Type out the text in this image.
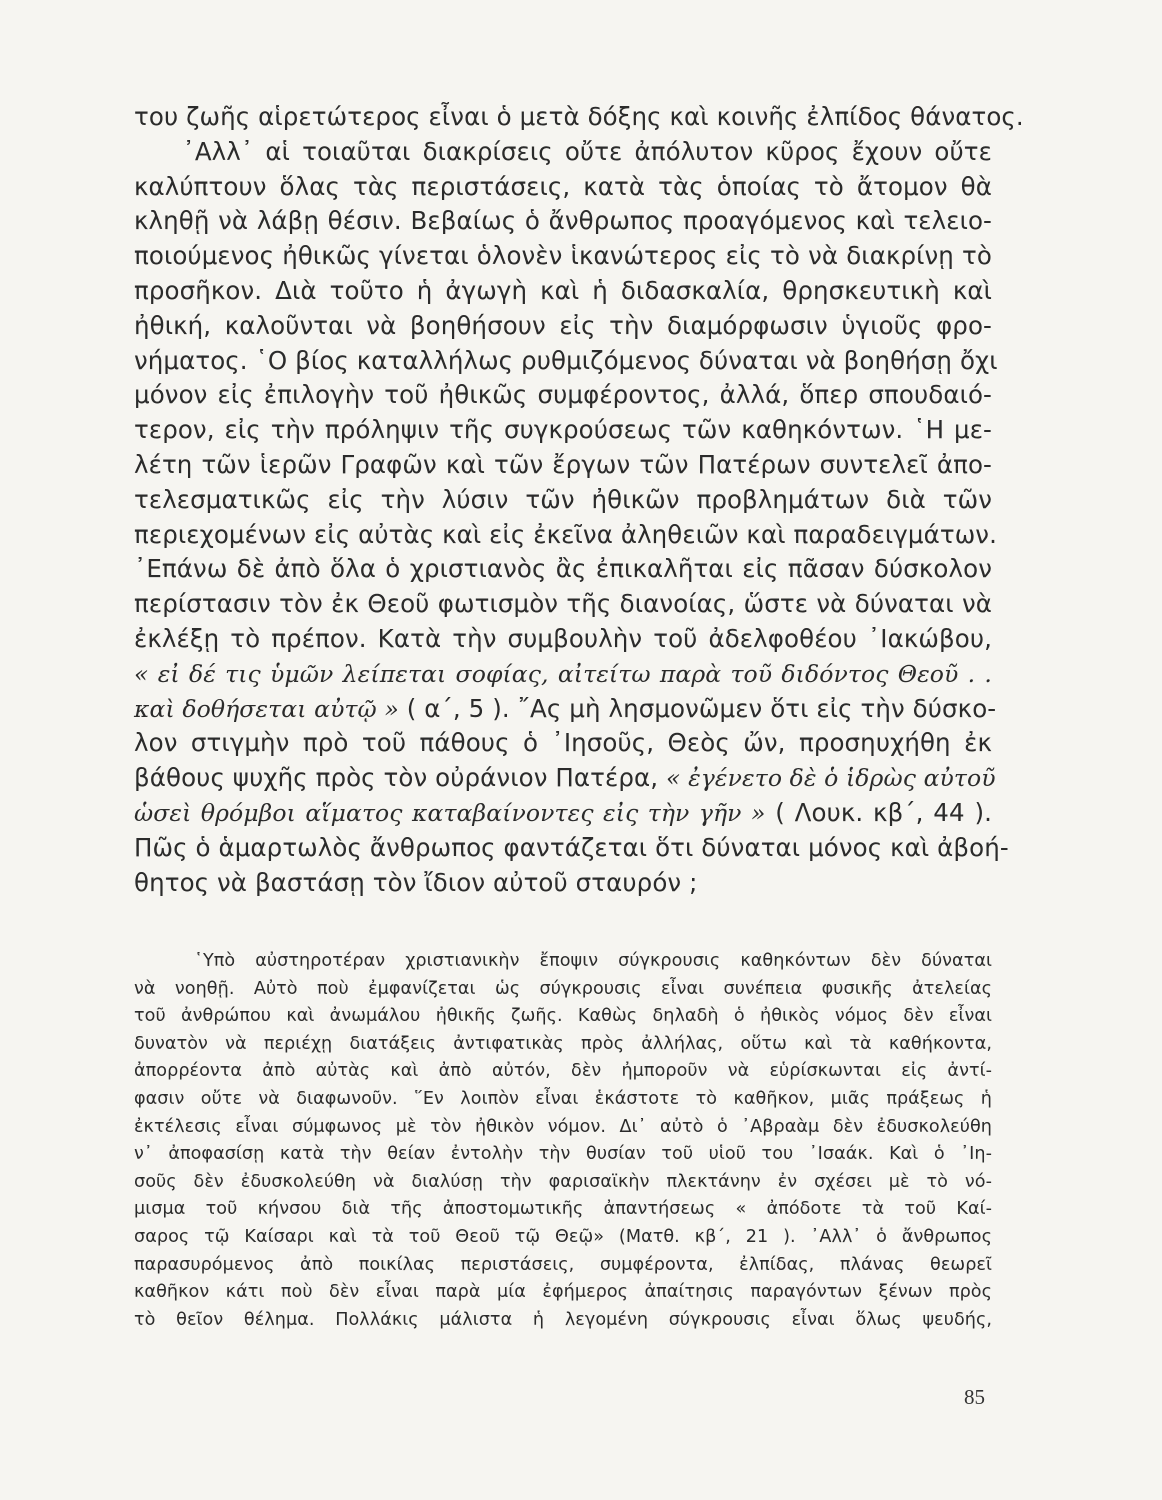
του ζωῆς αἱρετώτερος εἶναι ὁ μετὰ δόξης καὶ κοινῆς ἐλπίδος θάνατος.
᾽Αλλ᾽ αἱ τοιαῦται διακρίσεις οὔτε ἀπόλυτον κῦρος ἔχουν οὔτε
καλύπτουν ὅλας τὰς περιστάσεις, κατὰ τὰς ὁποίας τὸ ἄτομον θὰ
κληθῇ νὰ λάβῃ θέσιν. Βεβαίως ὁ ἄνθρωπος προαγόμενος καὶ τελειο-
ποιούμενος ἠθικῶς γίνεται ὁλονὲν ἱκανώτερος εἰς τὸ νὰ διακρίνῃ τὸ
προσῆκον. Διὰ τοῦτο ἡ ἀγωγὴ καὶ ἡ διδασκαλία, θρησκευτικὴ καὶ
ἠθική, καλοῦνται νὰ βοηθήσουν εἰς τὴν διαμόρφωσιν ὑγιοῦς φρο-
νήματος. ῾Ο βίος καταλλήλως ρυθμιζόμενος δύναται νὰ βοηθήσῃ ὄχι
μόνον εἰς ἐπιλογὴν τοῦ ἠθικῶς συμφέροντος, ἀλλά, ὅπερ σπουδαιό-
τερον, εἰς τὴν πρόληψιν τῆς συγκρούσεως τῶν καθηκόντων. ῾Η με-
λέτη τῶν ἱερῶν Γραφῶν καὶ τῶν ἔργων τῶν Πατέρων συντελεῖ ἀπο-
τελεσματικῶς εἰς τὴν λύσιν τῶν ἠθικῶν προβλημάτων διὰ τῶν
περιεχομένων εἰς αὐτὰς καὶ εἰς ἐκεῖνα ἀληθειῶν καὶ παραδειγμάτων.
᾽Επάνω δὲ ἀπὸ ὅλα ὁ χριστιανὸς ἂς ἐπικαλῆται εἰς πᾶσαν δύσκολον
περίστασιν τὸν ἐκ Θεοῦ φωτισμὸν τῆς διανοίας, ὥστε νὰ δύναται νὰ
ἐκλέξῃ τὸ πρέπον. Κατὰ τὴν συμβουλὴν τοῦ ἀδελφοθέου ᾽Ιακώβου,
« εἰ δέ τις ὑμῶν λείπεται σοφίας, αἰτείτω παρὰ τοῦ διδόντος Θεοῦ . .
καὶ δοθήσεται αὐτῷ » ( α΄, 5 ). ῎Ας μὴ λησμονῶμεν ὅτι εἰς τὴν δύσκο-
λον στιγμὴν πρὸ τοῦ πάθους ὁ ᾽Ιησοῦς, Θεὸς ὤν, προσηυχήθη ἐκ
βάθους ψυχῆς πρὸς τὸν οὐράνιον Πατέρα, « ἐγένετο δὲ ὁ ἱδρὼς αὐτοῦ
ὡσεὶ θρόμβοι αἵματος καταβαίνοντες εἰς τὴν γῆν » ( Λουκ. κβ΄, 44 ).
Πῶς ὁ ἁμαρτωλὸς ἄνθρωπος φαντάζεται ὅτι δύναται μόνος καὶ ἀβοή-
θητος νὰ βαστάσῃ τὸν ἴδιον αὐτοῦ σταυρόν ;
῾Υπὸ αὐστηροτέραν χριστιανικὴν ἔποψιν σύγκρουσις καθηκόντων δὲν δύναται
νὰ νοηθῇ. Αὐτὸ ποὺ ἐμφανίζεται ὡς σύγκρουσις εἶναι συνέπεια φυσικῆς ἀτελείας
τοῦ ἀνθρώπου καὶ ἀνωμάλου ἠθικῆς ζωῆς. Καθὼς δηλαδὴ ὁ ἠθικὸς νόμος δὲν εἶναι
δυνατὸν νὰ περιέχῃ διατάξεις ἀντιφατικὰς πρὸς ἀλλήλας, οὕτω καὶ τὰ καθήκοντα,
ἀπορρέοντα ἀπὸ αὐτὰς καὶ ἀπὸ αὐτόν, δὲν ἠμποροῦν νὰ εὑρίσκωνται εἰς ἀντί-
φασιν οὔτε νὰ διαφωνοῦν. ῞Εν λοιπὸν εἶναι ἑκάστοτε τὸ καθῆκον, μιᾶς πράξεως ἡ
ἐκτέλεσις εἶναι σύμφωνος μὲ τὸν ἠθικὸν νόμον. Δι᾽ αὐτὸ ὁ ᾽Αβραὰμ δὲν ἐδυσκολεύθη
ν᾽ ἀποφασίσῃ κατὰ τὴν θείαν ἐντολὴν τὴν θυσίαν τοῦ υἱοῦ του ᾽Ισαάκ. Καὶ ὁ ᾽Ιη-
σοῦς δὲν ἐδυσκολεύθη νὰ διαλύσῃ τὴν φαρισαϊκὴν πλεκτάνην ἐν σχέσει μὲ τὸ νό-
μισμα τοῦ κήνσου διὰ τῆς ἀποστομωτικῆς ἀπαντήσεως « ἀπόδοτε τὰ τοῦ Καί-
σαρος τῷ Καίσαρι καὶ τὰ τοῦ Θεοῦ τῷ Θεῷ» (Ματθ. κβ΄, 21 ). ᾽Αλλ᾽ ὁ ἄνθρωπος
παρασυρόμενος ἀπὸ ποικίλας περιστάσεις, συμφέροντα, ἐλπίδας, πλάνας θεωρεῖ
καθῆκον κάτι ποὺ δὲν εἶναι παρὰ μία ἐφήμερος ἀπαίτησις παραγόντων ξένων πρὸς
τὸ θεῖον θέλημα. Πολλάκις μάλιστα ἡ λεγομένη σύγκρουσις εἶναι ὅλως ψευδής,
85
